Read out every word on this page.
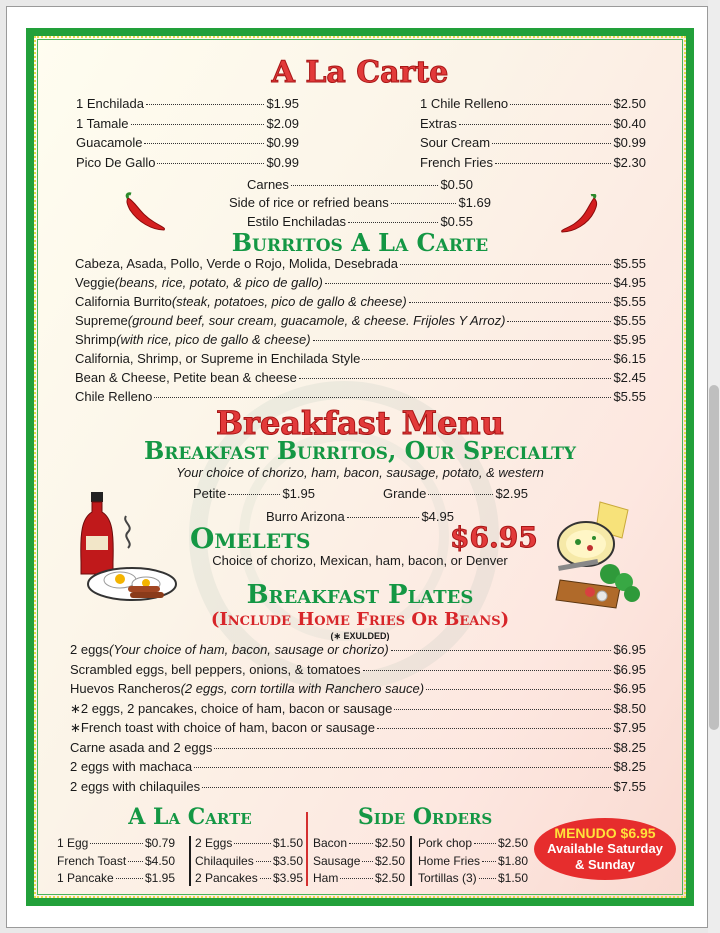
A La Carte
1 Enchilada	$1.95
1 Tamale	$2.09
Guacamole	$0.99
Pico De Gallo	$0.99
1 Chile Relleno	$2.50
Extras	$0.40
Sour Cream	$0.99
French Fries	$2.30
Carnes	$0.50
Side of rice or refried beans	$1.69
Estilo Enchiladas	$0.55
Burritos A La Carte
Cabeza, Asada, Pollo, Verde o Rojo, Molida, Desebrada	$5.55
Veggie (beans, rice, potato, & pico de gallo)	$4.95
California Burrito (steak, potatoes, pico de gallo & cheese)	$5.55
Supreme (ground beef, sour cream, guacamole, & cheese. Frijoles Y Arroz)	$5.55
Shrimp (with rice, pico de gallo & cheese)	$5.95
California, Shrimp, or Supreme in Enchilada Style	$6.15
Bean & Cheese, Petite bean & cheese	$2.45
Chile Relleno	$5.55
Breakfast Menu
Breakfast Burritos, Our Specialty
Your choice of chorizo, ham, bacon, sausage, potato, & western
Petite	$1.95	Grande	$2.95
Burro Arizona	$4.95
Omelets	$6.95
Choice of chorizo, Mexican, ham, bacon, or Denver
Breakfast Plates
(Include Home Fries Or Beans)
(∗ EXULDED)
2 eggs (Your choice of ham, bacon, sausage or chorizo)	$6.95
Scrambled eggs, bell peppers, onions, & tomatoes	$6.95
Huevos Rancheros (2 eggs, corn tortilla with Ranchero sauce)	$6.95
∗2 eggs, 2 pancakes, choice of ham, bacon or sausage	$8.50
∗French toast with choice of ham, bacon or sausage	$7.95
Carne asada and 2 eggs	$8.25
2 eggs with machaca	$8.25
2 eggs with chilaquiles	$7.55
A La Carte	Side Orders
1 Egg	$0.79
French Toast $4.50
1 Pancake	$1.95
2 Eggs	$1.50
Chilaquiles $3.50
2 Pancakes $3.95
Bacon $2.50
Sausage $2.50
Ham	$2.50
Pork chop $2.50
Home Fries $1.80
Tortillas (3) $1.50
MENUDO $6.95
Available Saturday
& Sunday
